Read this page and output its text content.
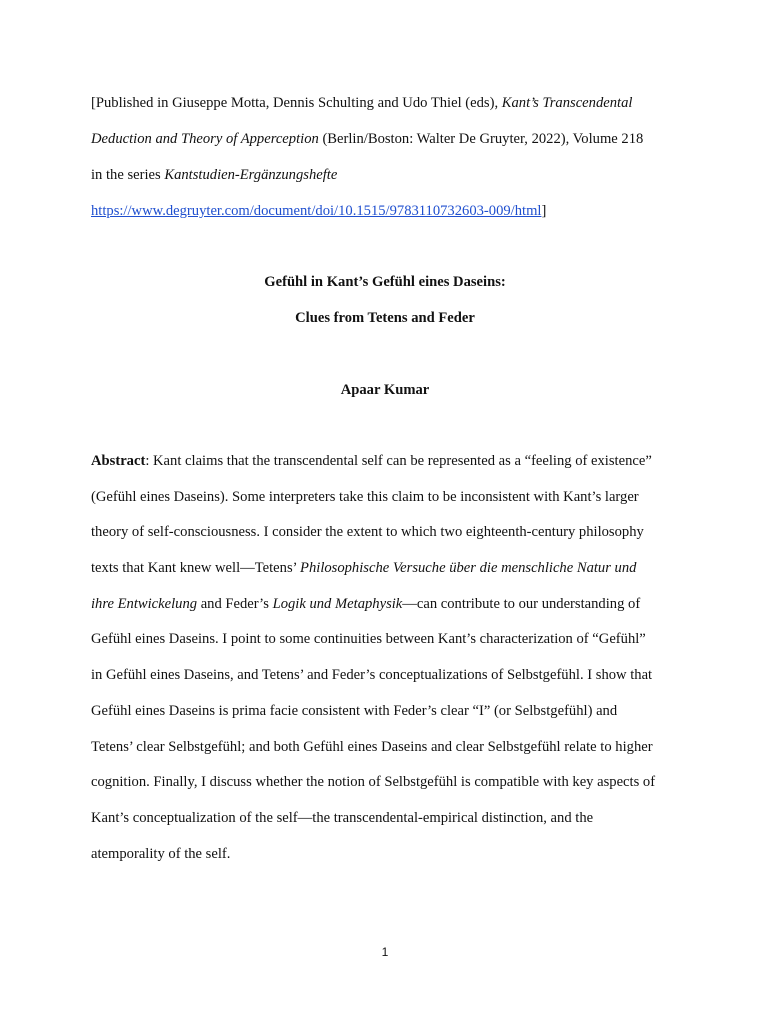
[Published in Giuseppe Motta, Dennis Schulting and Udo Thiel (eds), Kant’s Transcendental
Deduction and Theory of Apperception (Berlin/Boston: Walter De Gruyter, 2022), Volume 218
in the series Kantstudien-Ergänzungshefte
https://www.degruyter.com/document/doi/10.1515/9783110732603-009/html]
Gefühl in Kant’s Gefühl eines Daseins:
Clues from Tetens and Feder
Apaar Kumar
Abstract: Kant claims that the transcendental self can be represented as a “feeling of existence”
(Gefühl eines Daseins). Some interpreters take this claim to be inconsistent with Kant’s larger
theory of self-consciousness. I consider the extent to which two eighteenth-century philosophy
texts that Kant knew well—Tetens’ Philosophische Versuche über die menschliche Natur und
ihre Entwickelung and Feder’s Logik und Metaphysik—can contribute to our understanding of
Gefühl eines Daseins. I point to some continuities between Kant’s characterization of “Gefühl”
in Gefühl eines Daseins, and Tetens’ and Feder’s conceptualizations of Selbstgefühl. I show that
Gefühl eines Daseins is prima facie consistent with Feder’s clear “I” (or Selbstgefühl) and
Tetens’ clear Selbstgefühl; and both Gefühl eines Daseins and clear Selbstgefühl relate to higher
cognition. Finally, I discuss whether the notion of Selbstgefühl is compatible with key aspects of
Kant’s conceptualization of the self—the transcendental-empirical distinction, and the
atemporality of the self.
1
